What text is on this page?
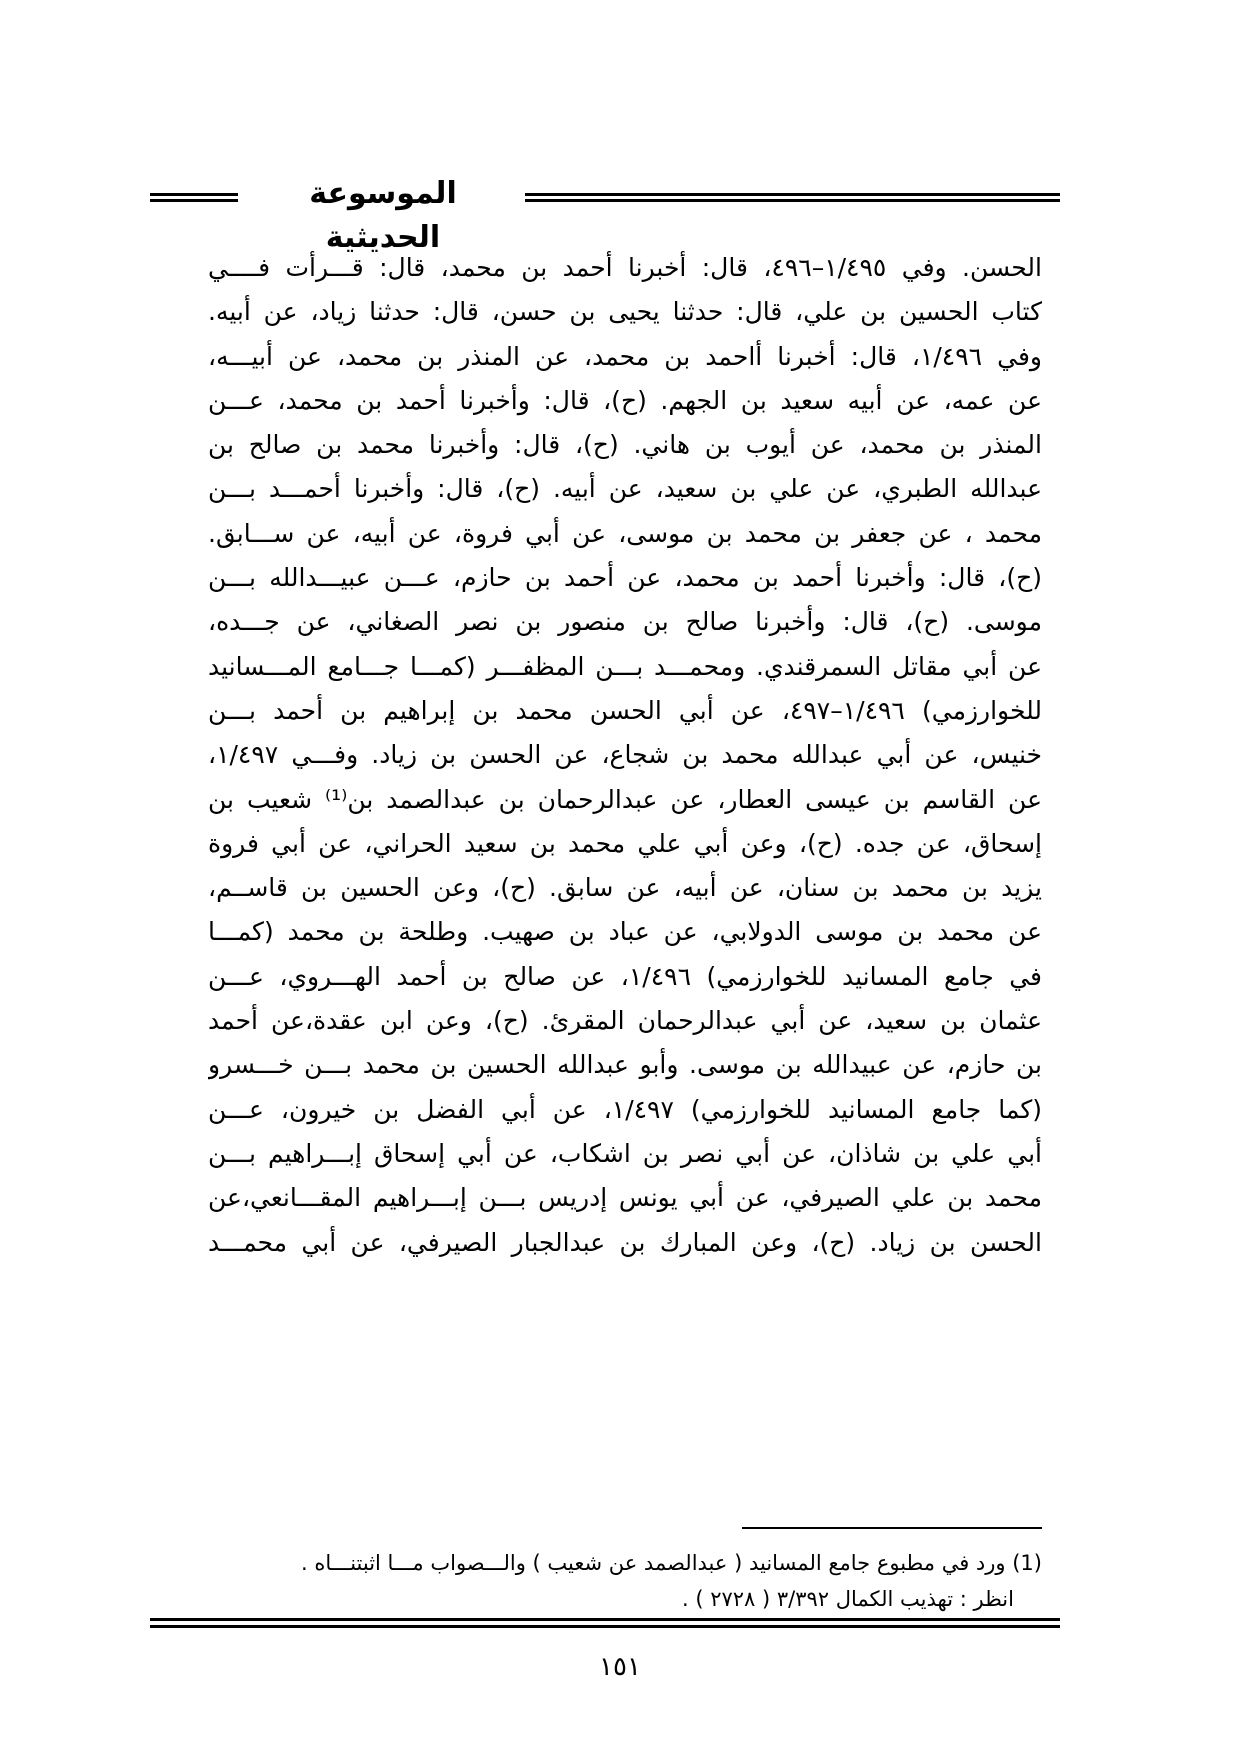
الموسوعة الحديثية
الحسن. وفي ١/٤٩٥–٤٩٦، قال: أخبرنا أحمد بن محمد، قال: قـــرأت فــــي
كتاب الحسين بن علي، قال: حدثنا يحيى بن حسن، قال: حدثنا زياد، عن أبيه.
وفي ١/٤٩٦، قال: أخبرنا أاحمد بن محمد، عن المنذر بن محمد، عن أبيـــه،
عن عمه، عن أبيه سعيد بن الجهم. (ح)، قال: وأخبرنا أحمد بن محمد، عـــن
المنذر بن محمد، عن أيوب بن هاني. (ح)، قال: وأخبرنا محمد بن صالح بن
عبدالله الطبري، عن علي بن سعيد، عن أبيه. (ح)، قال: وأخبرنا أحمـــد بـــن
محمد ، عن جعفر بن محمد بن موسى، عن أبي فروة، عن أبيه، عن ســـابق.
(ح)، قال: وأخبرنا أحمد بن محمد، عن أحمد بن حازم، عـــن عبيـــدالله بـــن
موسى. (ح)، قال: وأخبرنا صالح بن منصور بن نصر الصغاني، عن جـــده،
عن أبي مقاتل السمرقندي. ومحمـــد بـــن المظفـــر (كمـــا جـــامع المـــسانيد
للخوارزمي) ١/٤٩٦–٤٩٧، عن أبي الحسن محمد بن إبراهيم بن أحمد بـــن
خنيس، عن أبي عبدالله محمد بن شجاع، عن الحسن بن زياد. وفـــي ١/٤٩٧،
عن القاسم بن عيسى العطار، عن عبدالرحمان بن عبدالصمد بن⁽¹⁾ شعيب بن
إسحاق، عن جده. (ح)، وعن أبي علي محمد بن سعيد الحراني، عن أبي فروة
يزيد بن محمد بن سنان، عن أبيه، عن سابق. (ح)، وعن الحسين بن قاســم،
عن محمد بن موسى الدولابي، عن عباد بن صهيب. وطلحة بن محمد (كمـــا
في جامع المسانيد للخوارزمي) ١/٤٩٦، عن صالح بن أحمد الهـــروي، عـــن
عثمان بن سعيد، عن أبي عبدالرحمان المقرئ. (ح)، وعن ابن عقدة،عن أحمد
بن حازم، عن عبيدالله بن موسى. وأبو عبدالله الحسين بن محمد بـــن خـــسرو
(كما جامع المسانيد للخوارزمي) ١/٤٩٧، عن أبي الفضل بن خيرون، عـــن
أبي علي بن شاذان، عن أبي نصر بن اشكاب، عن أبي إسحاق إبـــراهيم بـــن
محمد بن علي الصيرفي، عن أبي يونس إدريس بـــن إبـــراهيم المقـــانعي،عن
الحسن بن زياد. (ح)، وعن المبارك بن عبدالجبار الصيرفي، عن أبي محمـــد
(1) ورد في مطبوع جامع المسانيد ( عبدالصمد عن شعيب ) والـــصواب مـــا اثبتنـــاه .
انظر : تهذيب الكمال ٣/٣٩٢ ( ٢٧٢٨ ) .
١٥١
